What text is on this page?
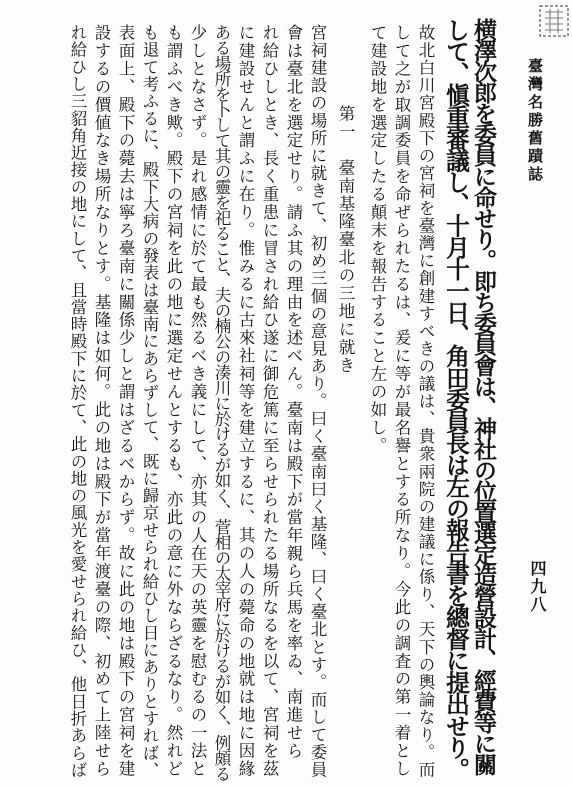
四九八
臺灣名勝舊蹟誌
横澤次郎を委員に命せり。即ち委員會は、神社の位置選定造營設計、經費等に關
して、愼重審議し、十月十一日、角田委員長は左の報告書を總督に提出せり。
故北白川宮殿下の宮祠を臺灣に創建すべきの議は、貴衆兩院の建議に係り、天下の輿論なり。而
して之が取調委員を命ぜられたるは、爰に等が最名譽とする所なり。今此の調査の第一着とし
て建設地を選定したる顛末を報告すること左の如し。
第一　臺南基隆臺北の三地に就き
宮祠建設の場所に就きて、初め三個の意見あり。曰く臺南曰く基隆、曰く臺北とす。而して委員
會は臺北を選定せり。請ふ其の理由を述べん。臺南は殿下が當年親ら兵馬を率ゐ、南進せら
れ給ひしとき、長く重患に冒され給ひ遂に御危篤に至らせられたる場所なるを以て、宮祠を茲
に建設せんと謂ふに在り。惟みるに古來社祠等を建立するに、其の人の薨命の地就は地に因緣
ある場所を卜して其の靈を祀ること、夫の楠公の湊川に於けるが如く、菅相の太宰府に於けるが如く、例頗る
少しとなさず。是れ感情に於て最も然るべき義にして、亦其の人在天の英靈を慰むるの一法と
も謂ふべき歟。殿下の宮祠を此の地に選定せんとするも、亦此の意に外ならざるなり。然れど
も退て考ふるに、殿下大病の發表は臺南にあらずして、既に歸京せられ給ひし日にありとすれば、
表面上、殿下の薨去は寧ろ臺南に關係少しと謂はざるべからず。故に此の地は殿下の宮祠を建
設するの價値なき場所なりとす。基隆は如何。此の地は殿下が當年渡臺の際、初めて上陸せら
れ給ひし三貂角近接の地にして、且當時殿下に於て、此の地の風光を愛せられ給ひ、他日折あらば
